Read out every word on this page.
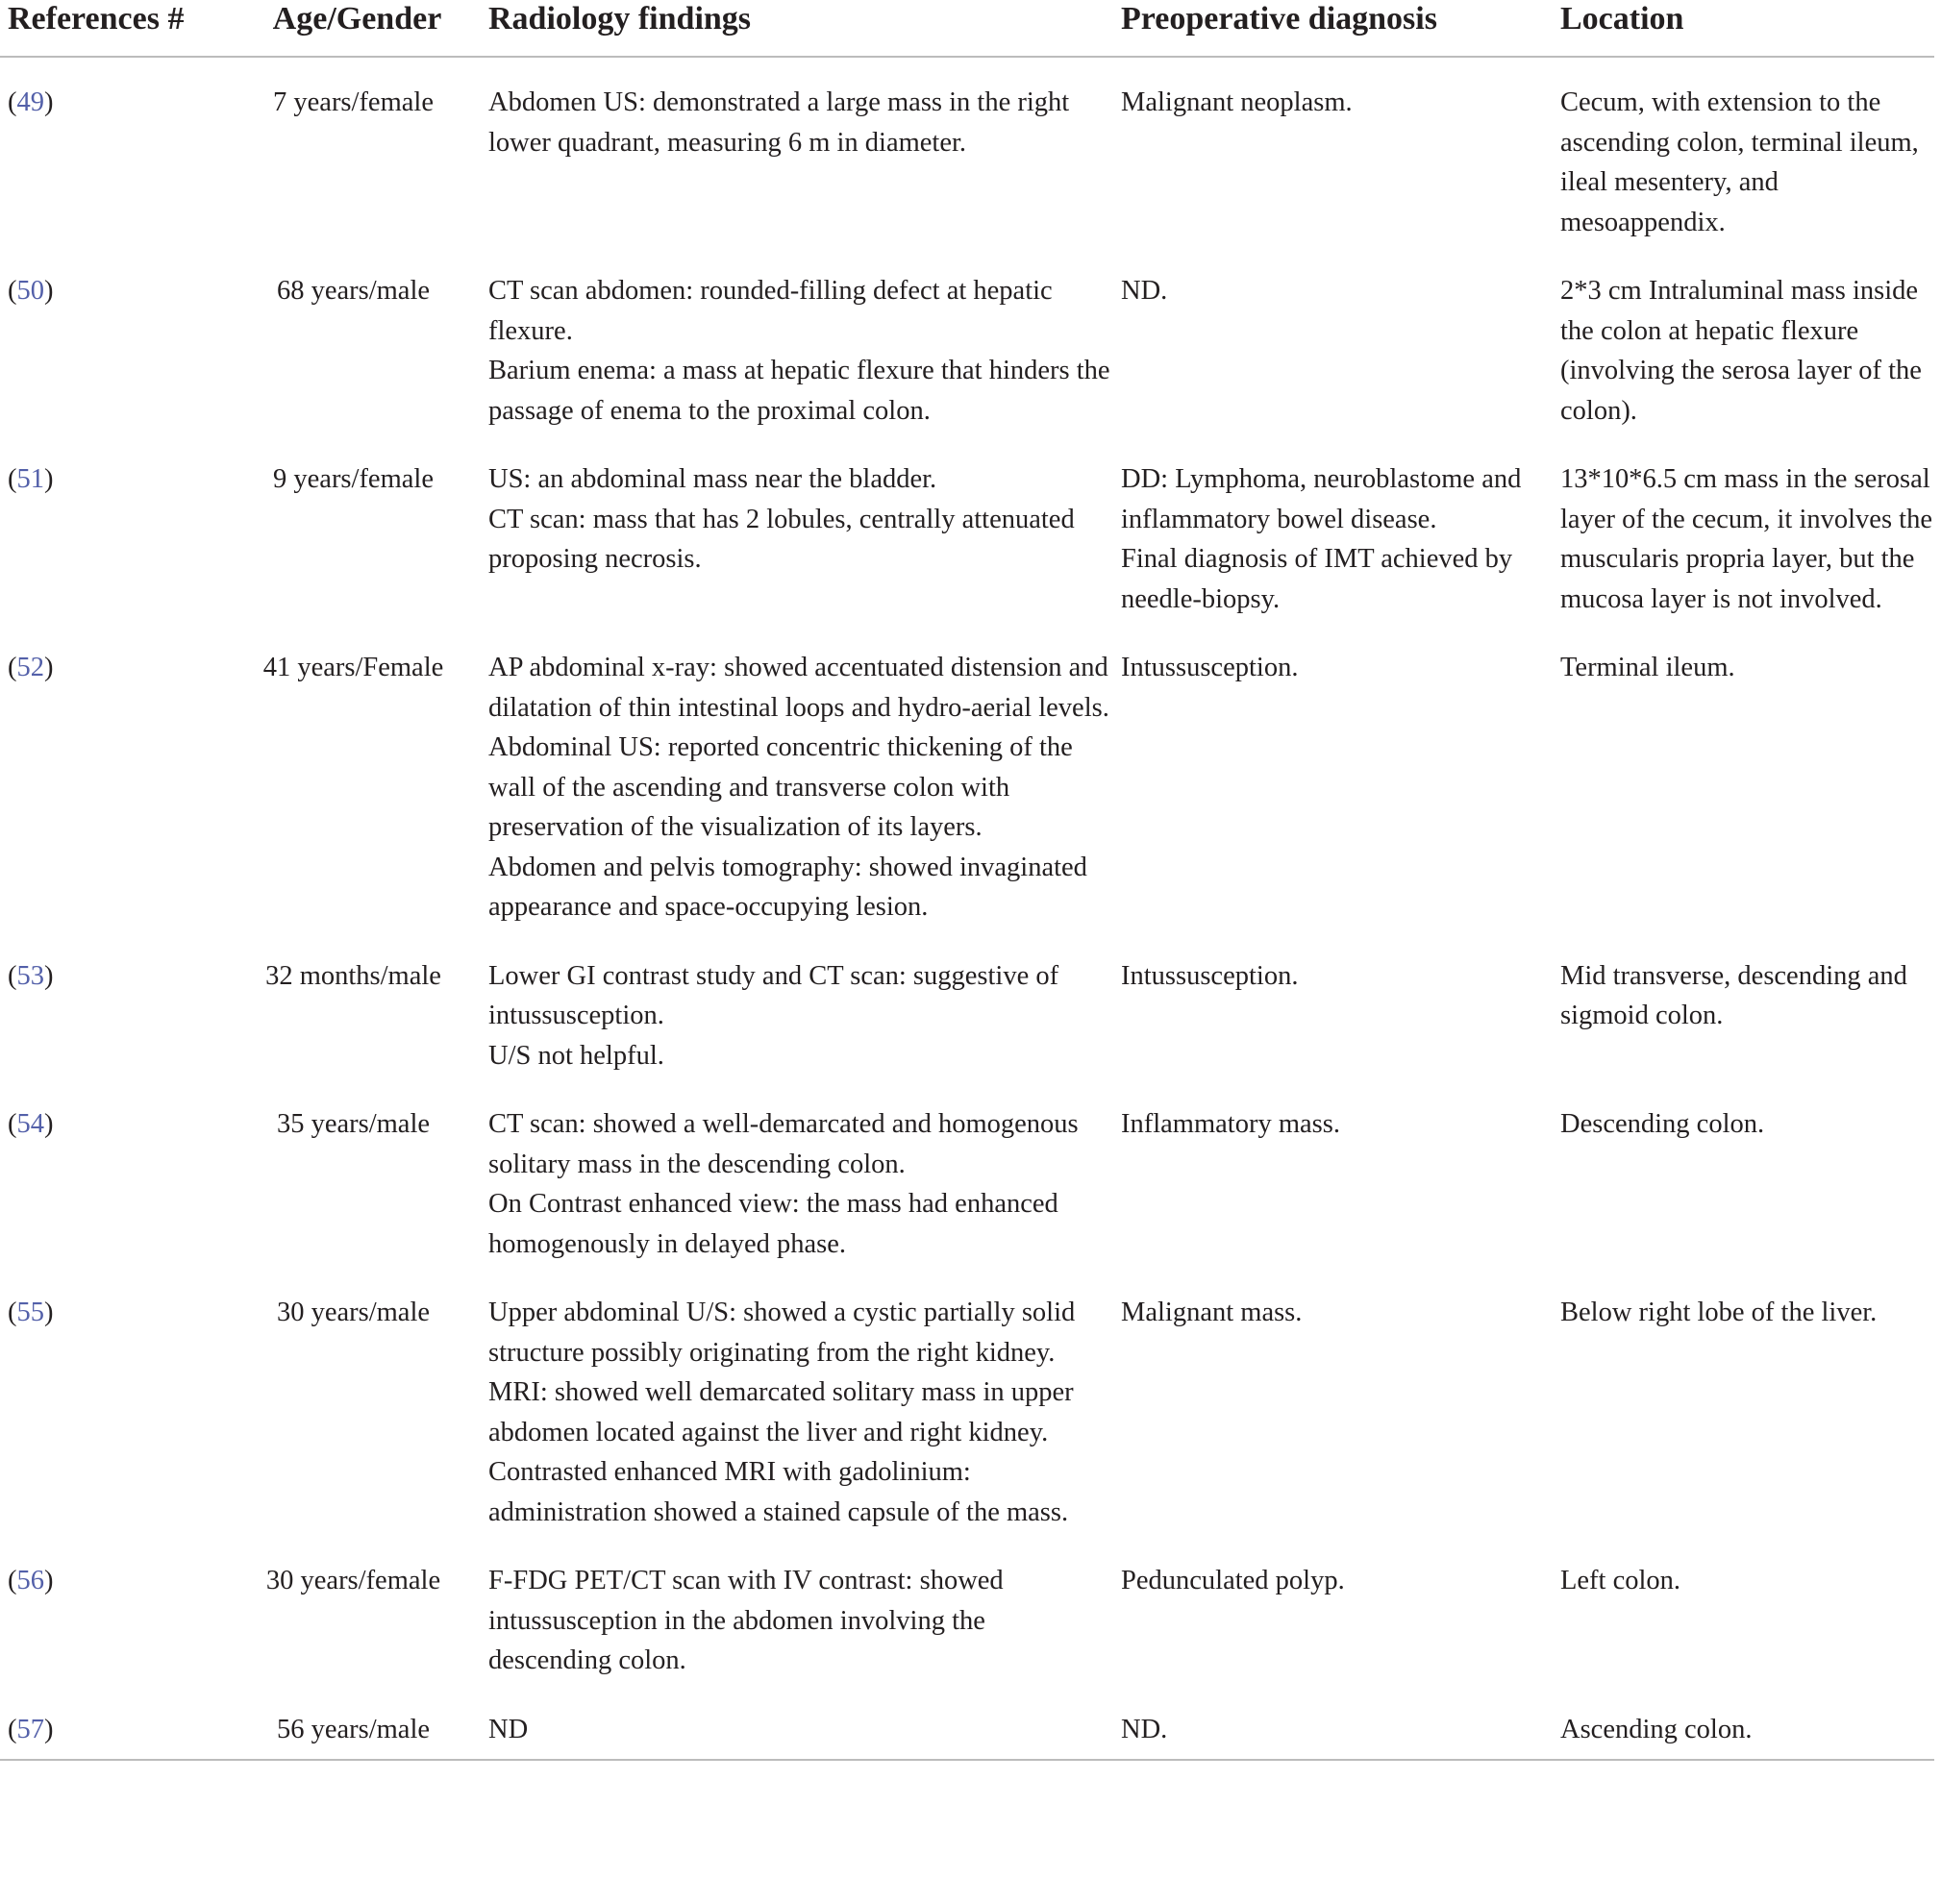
References #	Age/Gender	Radiology findings	Preoperative diagnosis	Location
(49)	7 years/female	Abdomen US: demonstrated a large mass in the right lower quadrant, measuring 6 m in diameter.	Malignant neoplasm.	Cecum, with extension to the ascending colon, terminal ileum, ileal mesentery, and mesoappendix.

(50)	68 years/male	CT scan abdomen: rounded-filling defect at hepatic flexure.
Barium enema: a mass at hepatic flexure that hinders the passage of enema to the proximal colon.	ND.	2*3 cm Intraluminal mass inside the colon at hepatic flexure (involving the serosa layer of the colon).

(51)	9 years/female	US: an abdominal mass near the bladder.
CT scan: mass that has 2 lobules, centrally attenuated proposing necrosis.	DD: Lymphoma, neuroblastome and inflammatory bowel disease.
Final diagnosis of IMT achieved by needle-biopsy.	13*10*6.5 cm mass in the serosal layer of the cecum, it involves the muscularis propria layer, but the mucosa layer is not involved.

(52)	41 years/Female	AP abdominal x-ray: showed accentuated distension and dilatation of thin intestinal loops and hydro-aerial levels.
Abdominal US: reported concentric thickening of the wall of the ascending and transverse colon with preservation of the visualization of its layers.
Abdomen and pelvis tomography: showed invaginated appearance and space-occupying lesion.	Intussusception.	Terminal ileum.

(53)	32 months/male	Lower GI contrast study and CT scan: suggestive of intussusception.
U/S not helpful.	Intussusception.	Mid transverse, descending and sigmoid colon.

(54)	35 years/male	CT scan: showed a well-demarcated and homogenous solitary mass in the descending colon.
On Contrast enhanced view: the mass had enhanced homogenously in delayed phase.	Inflammatory mass.	Descending colon.

(55)	30 years/male	Upper abdominal U/S: showed a cystic partially solid structure possibly originating from the right kidney.
MRI: showed well demarcated solitary mass in upper abdomen located against the liver and right kidney.
Contrasted enhanced MRI with gadolinium: administration showed a stained capsule of the mass.	Malignant mass.	Below right lobe of the liver.

(56)	30 years/female	F-FDG PET/CT scan with IV contrast: showed intussusception in the abdomen involving the descending colon.	Pedunculated polyp.	Left colon.

(57)	56 years/male	ND	ND.	Ascending colon.
